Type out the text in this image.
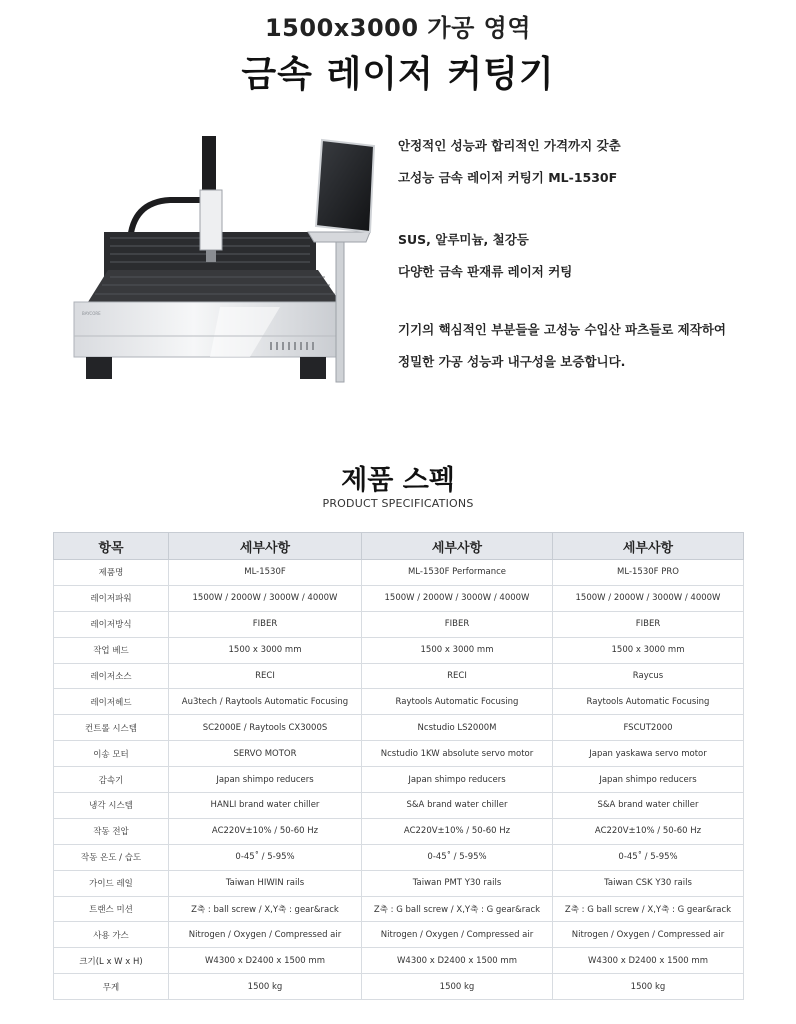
1500x3000 가공 영역
금속 레이저 커팅기
BAYCORE

안정적인 성능과 합리적인 가격까지 갖춘

고성능 금속 레이저 커팅기 ML-1530F

SUS, 알루미늄, 철강등

다양한 금속 판재류 레이저 커팅

기기의 핵심적인 부분들을 고성능 수입산 파츠들로 제작하여

정밀한 가공 성능과 내구성을 보증합니다.

제품 스펙
PRODUCT SPECIFICATIONS
항목	세부사항	세부사항	세부사항
제품명	ML-1530F	ML-1530F Performance	ML-1530F PRO
레이저파워	1500W / 2000W / 3000W / 4000W	1500W / 2000W / 3000W / 4000W	1500W / 2000W / 3000W / 4000W
레이저방식	FIBER	FIBER	FIBER
작업 베드	1500 x 3000 mm	1500 x 3000 mm	1500 x 3000 mm
레이저소스	RECI	RECI	Raycus
레이저헤드	Au3tech / Raytools Automatic Focusing	Raytools Automatic Focusing	Raytools Automatic Focusing
컨트롤 시스템	SC2000E / Raytools CX3000S	Ncstudio LS2000M	FSCUT2000
이송 모터	SERVO MOTOR	Ncstudio 1KW absolute servo motor	Japan yaskawa servo motor
감속기	Japan shimpo reducers	Japan shimpo reducers	Japan shimpo reducers
냉각 시스템	HANLI brand water chiller	S&A brand water chiller	S&A brand water chiller
작동 전압	AC220V±10% / 50-60 Hz	AC220V±10% / 50-60 Hz	AC220V±10% / 50-60 Hz
작동 온도 / 습도	0-45˚ / 5-95%	0-45˚ / 5-95%	0-45˚ / 5-95%
가이드 레일	Taiwan HIWIN rails	Taiwan PMT Y30 rails	Taiwan CSK Y30 rails
트랜스 미션	Z축 : ball screw / X,Y축 : gear&rack	Z축 : G ball screw / X,Y축 : G gear&rack	Z축 : G ball screw / X,Y축 : G gear&rack
사용 가스	Nitrogen / Oxygen / Compressed air	Nitrogen / Oxygen / Compressed air	Nitrogen / Oxygen / Compressed air
크기(L x W x H)	W4300 x D2400 x 1500 mm	W4300 x D2400 x 1500 mm	W4300 x D2400 x 1500 mm
무게	1500 kg	1500 kg	1500 kg
